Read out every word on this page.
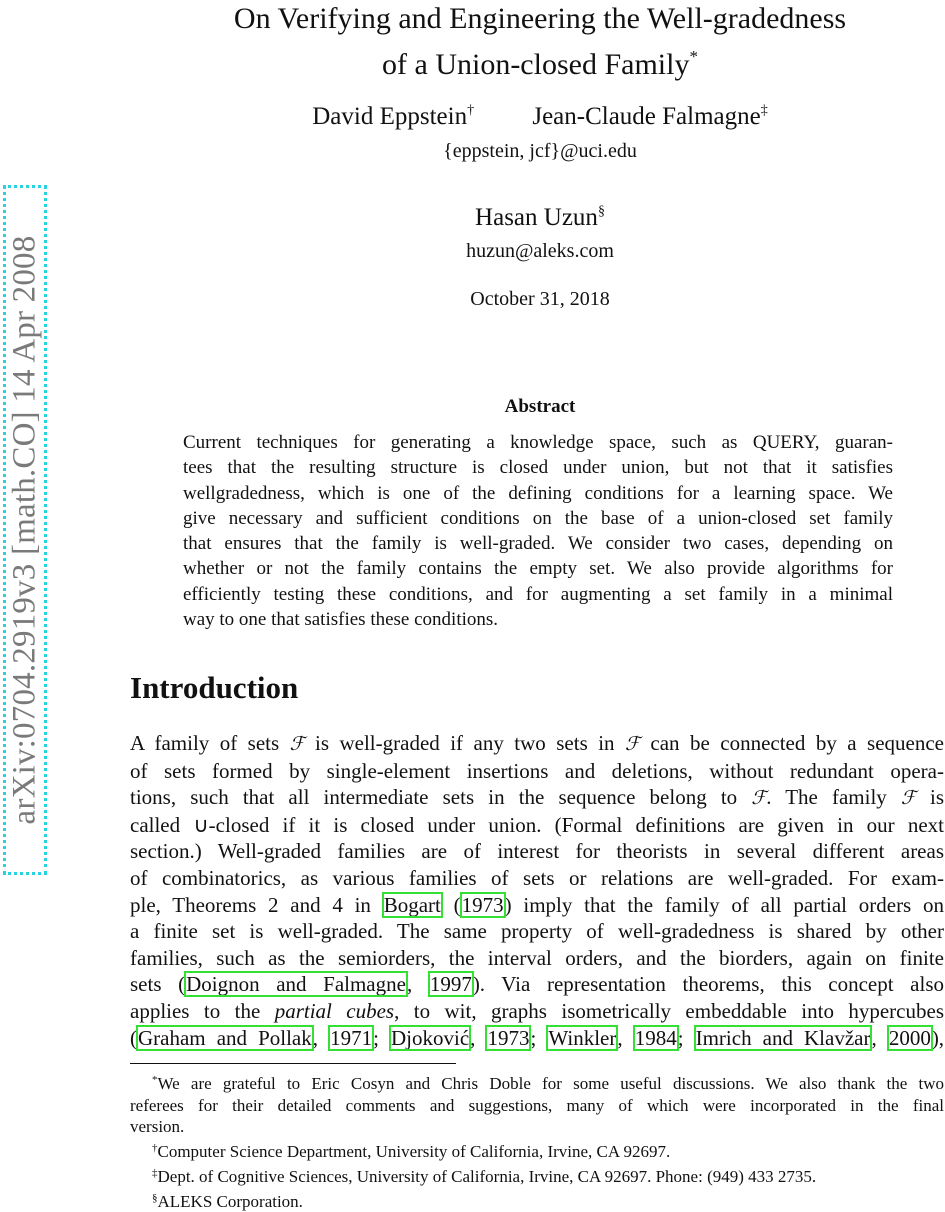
arXiv:0704.2919v3 [math.CO] 14 Apr 2008
On Verifying and Engineering the Well-gradedness
of a Union-closed Family*
David Eppstein† Jean-Claude Falmagne‡
{eppstein, jcf}@uci.edu
Hasan Uzun§
huzun@aleks.com
October 31, 2018
Abstract
Current techniques for generating a knowledge space, such as QUERY, guaran-
tees that the resulting structure is closed under union, but not that it satisfies
wellgradedness, which is one of the defining conditions for a learning space. We
give necessary and sufficient conditions on the base of a union-closed set family
that ensures that the family is well-graded. We consider two cases, depending on
whether or not the family contains the empty set. We also provide algorithms for
efficiently testing these conditions, and for augmenting a set family in a minimal
way to one that satisfies these conditions.
Introduction
A family of sets ℱ is well-graded if any two sets in ℱ can be connected by a sequence
of sets formed by single-element insertions and deletions, without redundant opera-
tions, such that all intermediate sets in the sequence belong to ℱ. The family ℱ is
called ∪-closed if it is closed under union. (Formal definitions are given in our next
section.) Well-graded families are of interest for theorists in several different areas
of combinatorics, as various families of sets or relations are well-graded. For exam-
ple, Theorems 2 and 4 in Bogart (1973) imply that the family of all partial orders on
a finite set is well-graded. The same property of well-gradedness is shared by other
families, such as the semiorders, the interval orders, and the biorders, again on finite
sets (Doignon and Falmagne, 1997). Via representation theorems, this concept also
applies to the partial cubes, to wit, graphs isometrically embeddable into hypercubes
(Graham and Pollak, 1971; Djoković, 1973; Winkler, 1984; Imrich and Klavžar, 2000),
*We are grateful to Eric Cosyn and Chris Doble for some useful discussions. We also thank the two
referees for their detailed comments and suggestions, many of which were incorporated in the final
version.
†Computer Science Department, University of California, Irvine, CA 92697.
‡Dept. of Cognitive Sciences, University of California, Irvine, CA 92697. Phone: (949) 433 2735.
§ALEKS Corporation.
